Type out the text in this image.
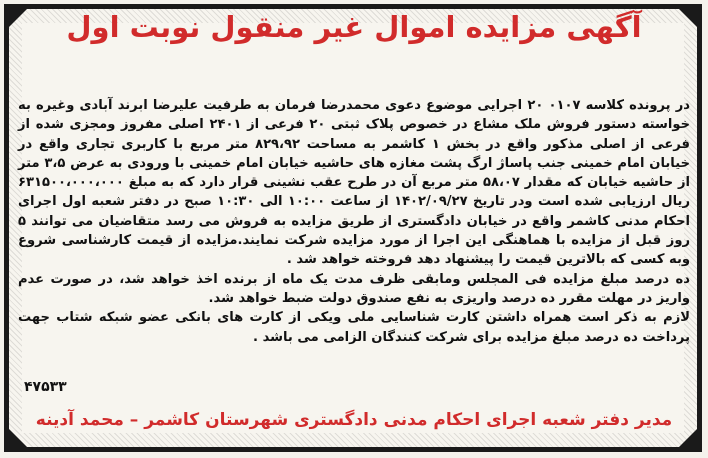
آگهی مزایده اموال غیر منقول نوبت اول

در پرونده کلاسه ۰۱۰۷ ۲۰ اجرایی موضوع دعوی محمدرضا فرمان به طرفیت علیرضا ابرند آبادی وغیره به خواسته دستور فروش ملک مشاع در خصوص پلاک ثبتی ۲۰ فرعی از ۲۴۰۱ اصلی مفروز ومجزی شده از فرعی از اصلی مذکور واقع در بخش ۱ کاشمر به مساحت ۸۲۹،۹۲ متر مربع با کاربری تجاری واقع در خیابان امام خمینی جنب پاساژ ارگ پشت مغازه های حاشیه خیابان امام خمینی با ورودی به عرض ۳،۵ متر از حاشیه خیابان که مقدار ۵۸،۰۷ متر مربع آن در طرح عقب نشینی قرار دارد که به مبلغ ۶۳۱۵۰۰،۰۰۰،۰۰۰ ریال ارزیابی شده است ودر تاریخ ۱۴۰۲/۰۹/۲۷ از ساعت ۱۰:۰۰ الی ۱۰:۳۰ صبح در دفتر شعبه اول اجرای احکام مدنی کاشمر واقع در خیابان دادگستری از طریق مزایده به فروش می رسد متقاضیان می توانند ۵ روز قبل از مزایده با هماهنگی این اجرا از مورد مزایده شرکت نمایند.مزایده از قیمت کارشناسی شروع وبه کسی که بالاترین قیمت را پیشنهاد دهد فروخته خواهد شد .

ده درصد مبلغ مزایده فی المجلس ومابقی ظرف مدت یک ماه از برنده اخذ خواهد شد، در صورت عدم واریز در مهلت مقرر ده درصد واریزی به نفع صندوق دولت ضبط خواهد شد.

لازم به ذکر است همراه داشتن کارت شناسایی ملی ویکی از کارت های بانکی عضو شبکه شتاب جهت پرداخت ده درصد مبلغ مزایده برای شرکت کنندگان الزامی می باشد .

۴۷۵۳۳
مدیر دفتر شعبه اجرای احکام مدنی دادگستری شهرستان کاشمر – محمد آدینه
